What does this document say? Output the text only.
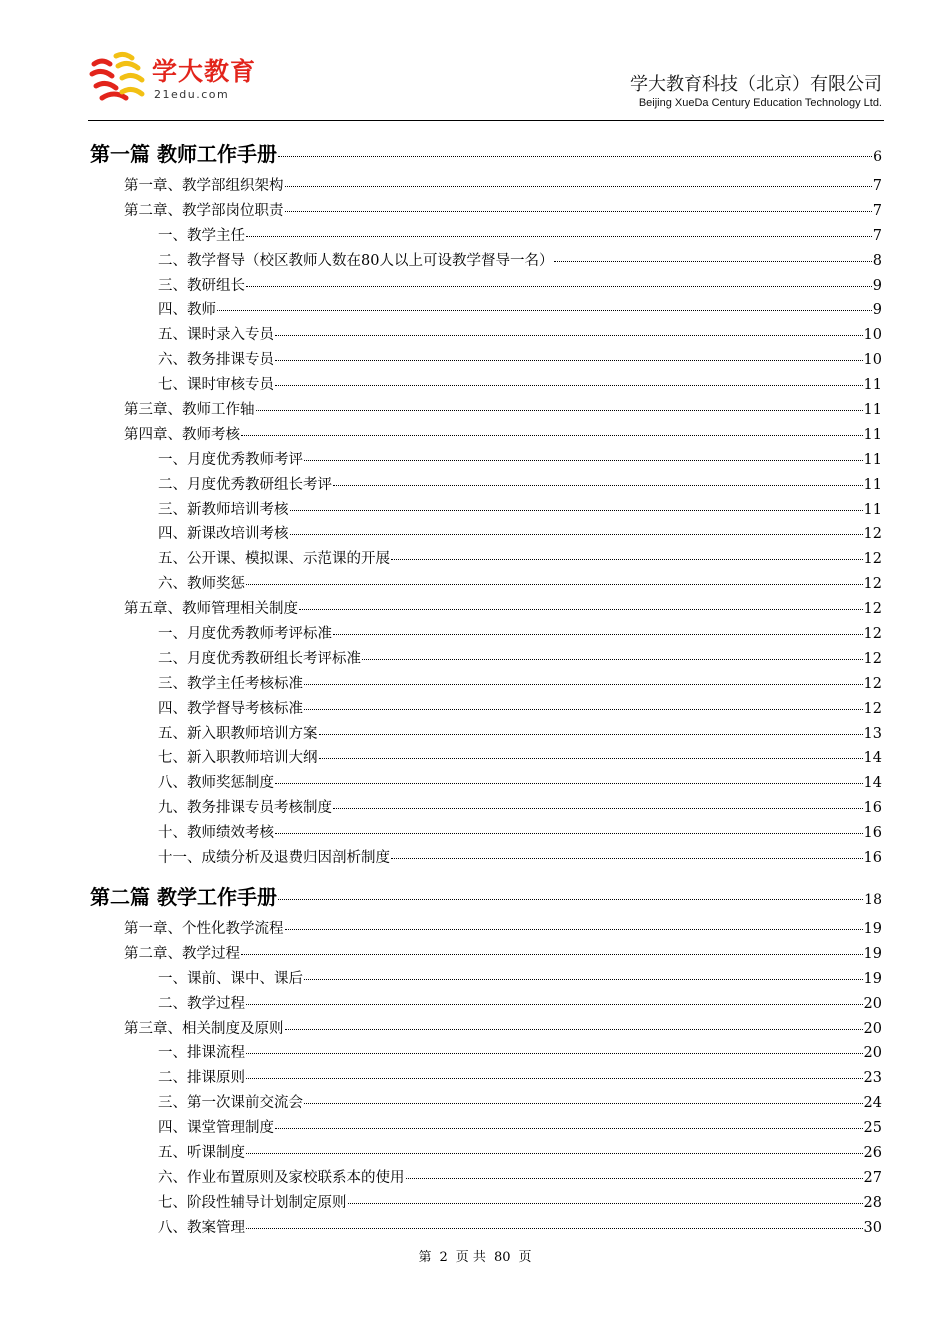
学大教育
21edu.com	学大教育科技（北京）有限公司
Beijing XueDa Century Education Technology Ltd.
第一篇 教师工作手册	6
第一章、教学部组织架构	7
第二章、教学部岗位职责	7
一、教学主任	7
二、教学督导（校区教师人数在80人以上可设教学督导一名）	8
三、教研组长	9
四、教师	9
五、课时录入专员	10
六、教务排课专员	10
七、课时审核专员	11
第三章、教师工作轴	11
第四章、教师考核	11
一、月度优秀教师考评	11
二、月度优秀教研组长考评	11
三、新教师培训考核	11
四、新课改培训考核	12
五、公开课、模拟课、示范课的开展	12
六、教师奖惩	12
第五章、教师管理相关制度	12
一、月度优秀教师考评标准	12
二、月度优秀教研组长考评标准	12
三、教学主任考核标准	12
四、教学督导考核标准	12
五、新入职教师培训方案	13
七、新入职教师培训大纲	14
八、教师奖惩制度	14
九、教务排课专员考核制度	16
十、教师绩效考核	16
十一、成绩分析及退费归因剖析制度	16
第二篇 教学工作手册	18
第一章、个性化教学流程	19
第二章、教学过程	19
一、课前、课中、课后	19
二、教学过程	20
第三章、相关制度及原则	20
一、排课流程	20
二、排课原则	23
三、第一次课前交流会	24
四、课堂管理制度	25
五、听课制度	26
六、作业布置原则及家校联系本的使用	27
七、阶段性辅导计划制定原则	28
八、教案管理	30
第 2 页 共 80 页
